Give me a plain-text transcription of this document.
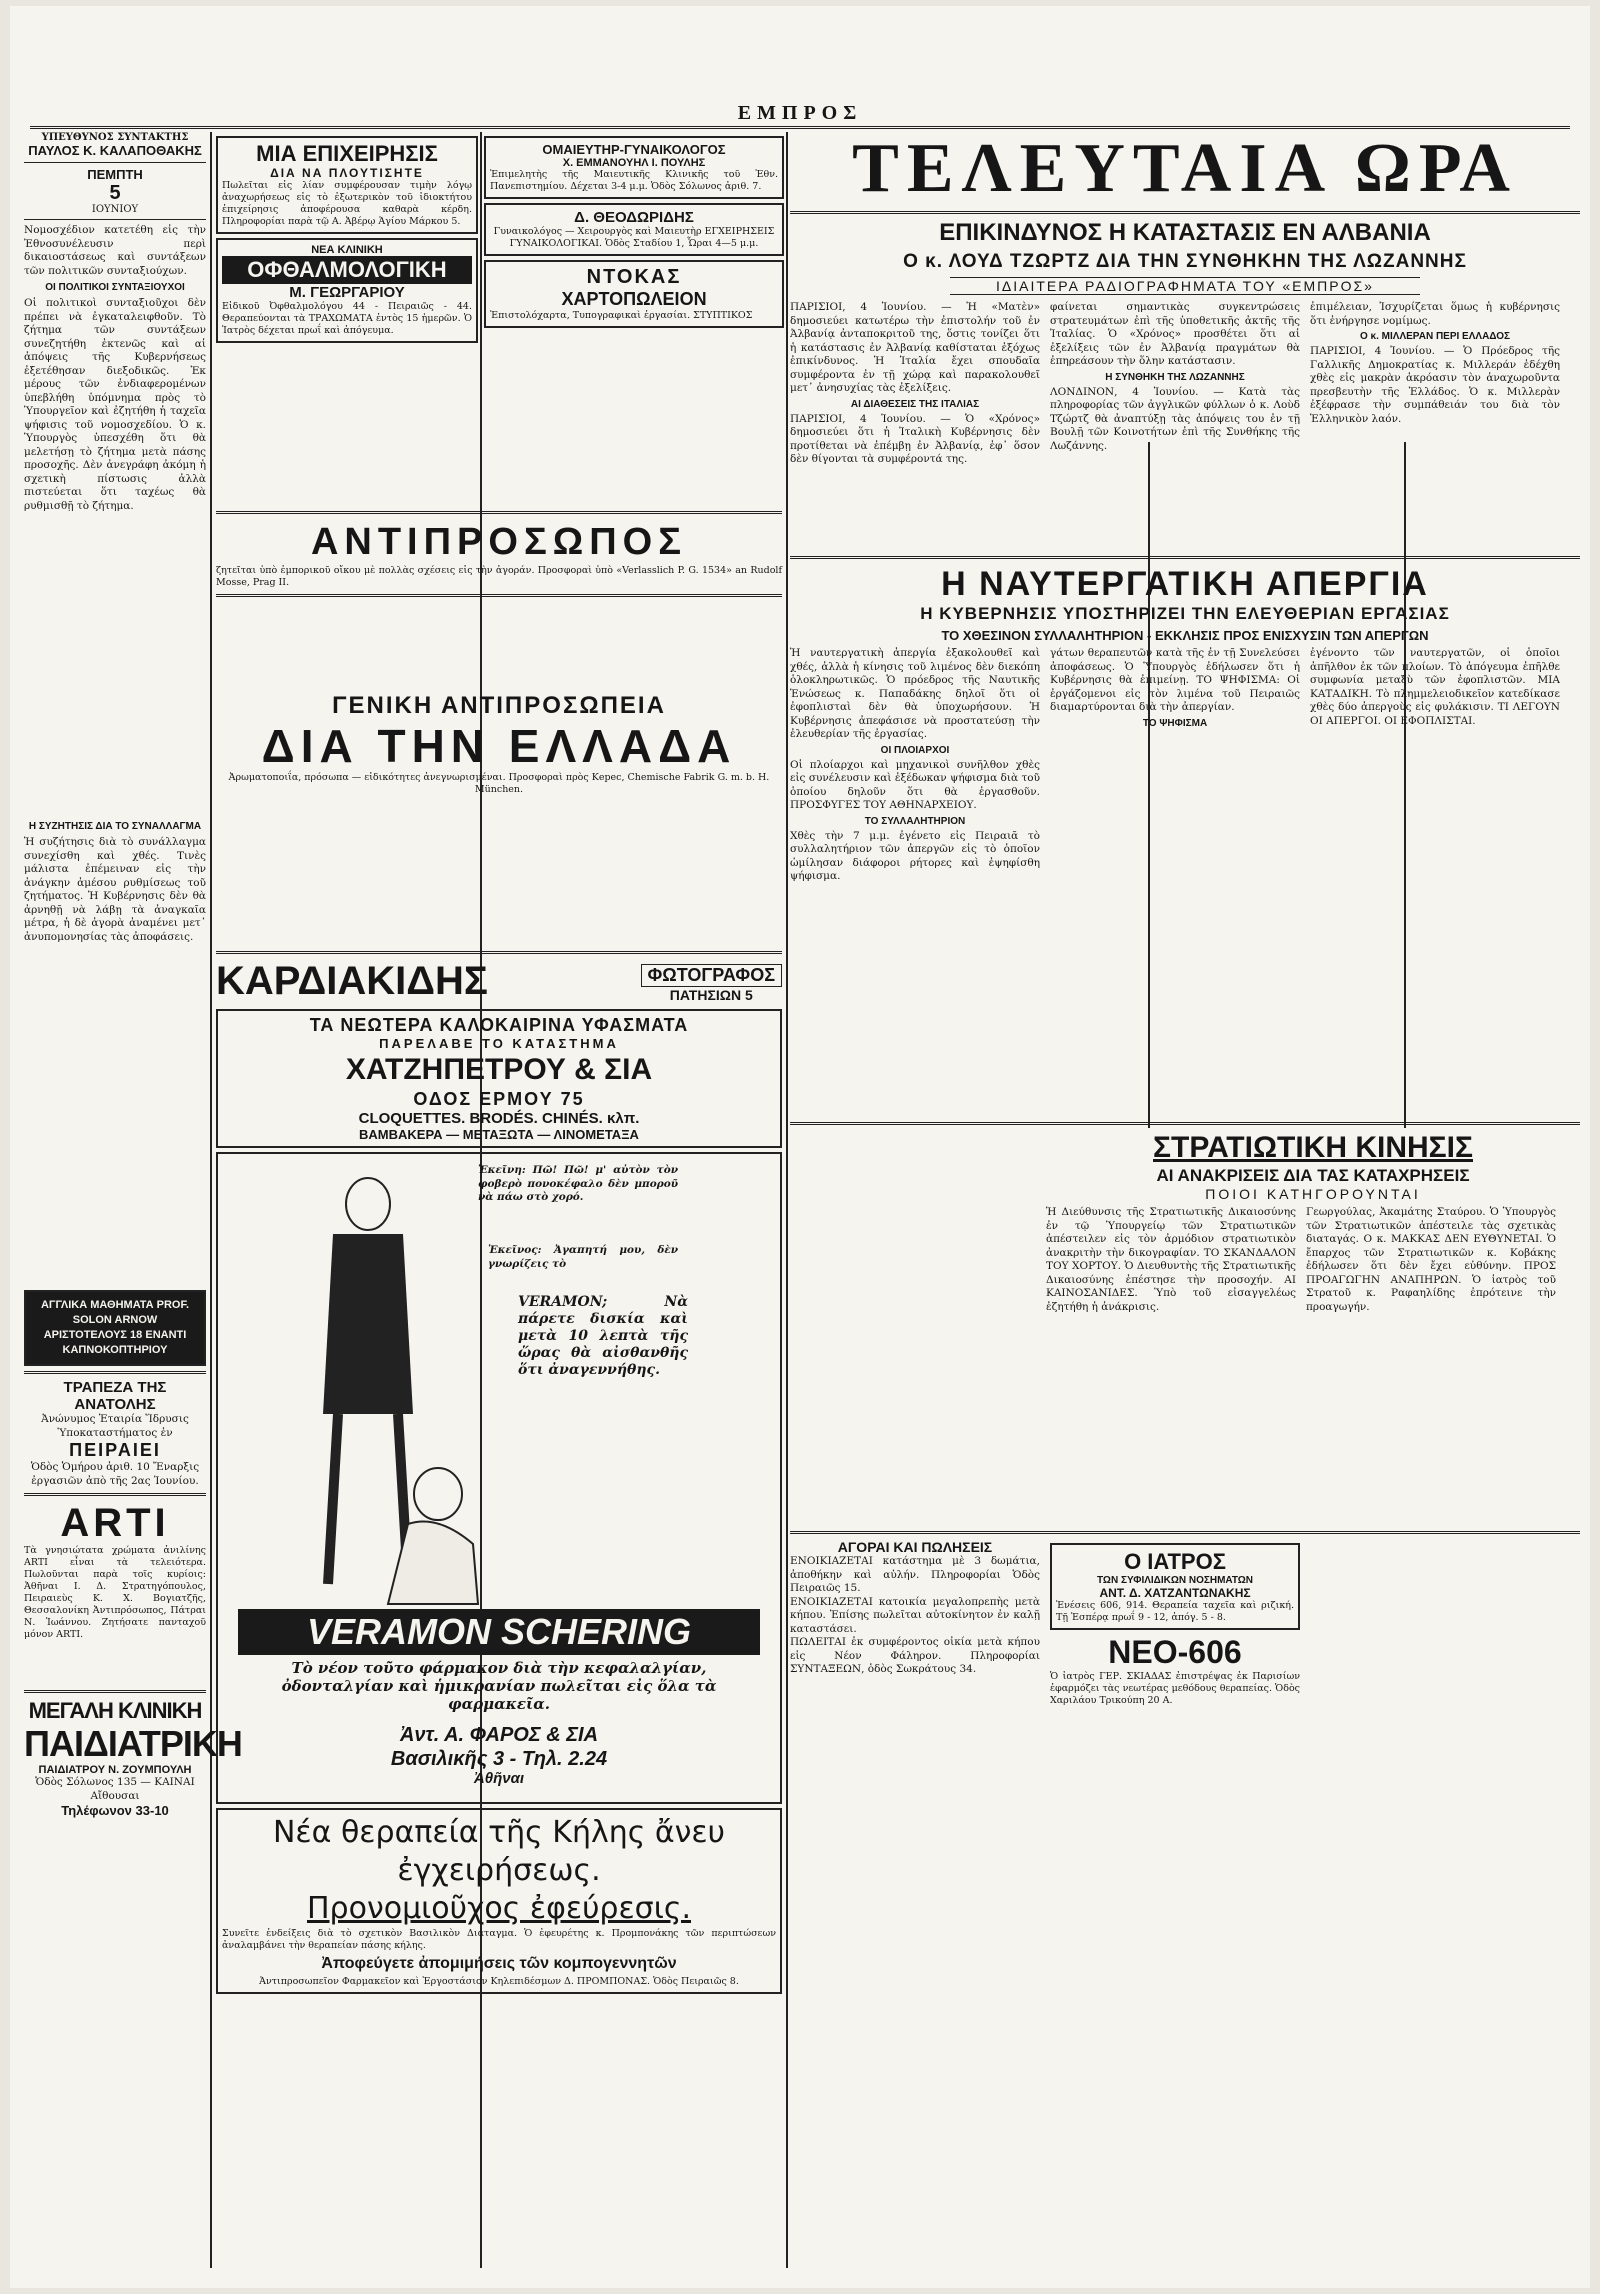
ΕΜΠΡΟΣ
ΥΠΕΥΘΥΝΟΣ ΣΥΝΤΑΚΤΗΣ
ΠΑΥΛΟΣ Κ. ΚΑΛΑΠΟΘΑΚΗΣ
ΠΕΜΠΤΗ
5
ΙΟΥΝΙΟΥ
Νομοσχέδιον κατετέθη εἰς τὴν Ἐθνοσυνέλευσιν περὶ δικαιοστάσεως καὶ συντάξεων τῶν πολιτικῶν συνταξιούχων.
ΟΙ ΠΟΛΙΤΙΚΟΙ ΣΥΝΤΑΞΙΟΥΧΟΙ
Οἱ πολιτικοὶ συνταξιοῦχοι δὲν πρέπει νὰ ἐγκαταλειφθοῦν. Τὸ ζήτημα τῶν συντάξεων συνεζητήθη ἐκτενῶς καὶ αἱ ἀπόψεις τῆς Κυβερνήσεως ἐξετέθησαν διεξοδικῶς. Ἐκ μέρους τῶν ἐνδιαφερομένων ὑπεβλήθη ὑπόμνημα πρὸς τὸ Ὑπουργεῖον καὶ ἐζητήθη ἡ ταχεῖα ψήφισις τοῦ νομοσχεδίου. Ὁ κ. Ὑπουργὸς ὑπεσχέθη ὅτι θὰ μελετήσῃ τὸ ζήτημα μετὰ πάσης προσοχῆς. Δὲν ἀνεγράφη ἀκόμη ἡ σχετικὴ πίστωσις ἀλλὰ πιστεύεται ὅτι ταχέως θὰ ρυθμισθῇ τὸ ζήτημα.
Η ΣΥΖΗΤΗΣΙΣ ΔΙΑ ΤΟ ΣΥΝΑΛΛΑΓΜΑ
Ἡ συζήτησις διὰ τὸ συνάλλαγμα συνεχίσθη καὶ χθές. Τινὲς μάλιστα ἐπέμειναν εἰς τὴν ἀνάγκην ἀμέσου ρυθμίσεως τοῦ ζητήματος. Ἡ Κυβέρνησις δὲν θὰ ἀρνηθῇ νὰ λάβῃ τὰ ἀναγκαῖα μέτρα, ἡ δὲ ἀγορὰ ἀναμένει μετ᾽ ἀνυπομονησίας τὰς ἀποφάσεις.
ΑΓΓΛΙΚΑ ΜΑΘΗΜΑΤΑ PROF. SOLON ARNOW ΑΡΙΣΤΟΤΕΛΟΥΣ 18 ΕΝΑΝΤΙ ΚΑΠΝΟΚΟΠΤΗΡΙΟΥ
ΤΡΑΠΕΖΑ ΤΗΣ ΑΝΑΤΟΛΗΣ
Ἀνώνυμος Ἑταιρία Ἵδρυσις Ὑποκαταστήματος ἐν
ΠΕΙΡΑΙΕΙ
Ὁδὸς Ὁμήρου ἀριθ. 10 Ἔναρξις ἐργασιῶν ἀπὸ τῆς 2ας Ἰουνίου.
ARTI
Τὰ γνησιώτατα χρώματα ἀνιλίνης ARTI εἶναι τὰ τελειότερα. Πωλοῦνται παρὰ τοῖς κυρίοις: Ἀθῆναι Ι. Δ. Στρατηγόπουλος, Πειραιεὺς Κ. Χ. Βογιατζῆς, Θεσσαλονίκη Ἀντιπρόσωπος, Πάτραι Ν. Ἰωάννου. Ζητήσατε πανταχοῦ μόνον ARTI.
ΜΕΓΑΛΗ ΚΛΙΝΙΚΗ
ΠΑΙΔΙΑΤΡΙΚΗ
ΠΑΙΔΙΑΤΡΟΥ Ν. ΖΟΥΜΠΟΥΛΗ
Ὁδὸς Σόλωνος 135 — ΚΑΙΝΑΙ Αἴθουσαι
Τηλέφωνον 33-10
ΜΙΑ ΕΠΙΧΕΙΡΗΣΙΣ
ΔΙΑ ΝΑ ΠΛΟΥΤΙΣΗΤΕ
Πωλεῖται εἰς λίαν συμφέρουσαν τιμὴν λόγῳ ἀναχωρήσεως εἰς τὸ ἐξωτερικὸν τοῦ ἰδιοκτήτου ἐπιχείρησις ἀποφέρουσα καθαρὰ κέρδη. Πληροφορίαι παρὰ τῷ Α. Ἀβέρῳ Ἁγίου Μάρκου 5.
ΝΕΑ ΚΛΙΝΙΚΗ
ΟΦΘΑΛΜΟΛΟΓΙΚΗ
Μ. ΓΕΩΡΓΑΡΙΟΥ
Εἰδικοῦ Ὀφθαλμολόγου 44 - Πειραιῶς - 44. Θεραπεύονται τὰ ΤΡΑΧΩΜΑΤΑ ἐντὸς 15 ἡμερῶν. Ὁ Ἱατρὸς δέχεται πρωΐ καὶ ἀπόγευμα.
ΟΜΑΙΕΥΤΗΡ-ΓΥΝΑΙΚΟΛΟΓΟΣ
Χ. ΕΜΜΑΝΟΥΗΛ Ι. ΠΟΥΛΗΣ
Ἐπιμελητὴς τῆς Μαιευτικῆς Κλινικῆς τοῦ Ἐθν. Πανεπιστημίου. Δέχεται 3-4 μ.μ. Ὁδὸς Σόλωνος ἀριθ. 7.
Δ. ΘΕΟΔΩΡΙΔΗΣ
Γυναικολόγος — Χειρουργὸς καὶ Μαιευτὴρ ΕΓΧΕΙΡΗΣΕΙΣ ΓΥΝΑΙΚΟΛΟΓΙΚΑΙ. Ὁδὸς Σταδίου 1, Ὧραι 4—5 μ.μ.
ΝΤΟΚΑΣ
ΧΑΡΤΟΠΩΛΕΙΟΝ
Ἐπιστολόχαρτα, Τυπογραφικαὶ ἐργασίαι. ΣΤΥΠΤΙΚΟΣ
ΑΝΤΙΠΡΟΣΩΠΟΣ
ζητεῖται ὑπὸ ἐμπορικοῦ οἴκου μὲ πολλὰς σχέσεις εἰς τὴν ἀγοράν. Προσφοραὶ ὑπὸ «Verlasslich P. G. 1534» an Rudolf Mosse, Prag II.
ΓΕΝΙΚΗ ΑΝΤΙΠΡΟΣΩΠΕΙΑ
ΔΙΑ ΤΗΝ ΕΛΛΑΔΑ
Ἀρωματοποιΐα, πρόσωπα — εἰδικότητες ἀνεγνωρισμέναι. Προσφοραὶ πρὸς Κepec, Chemische Fabrik G. m. b. H. München.
ΚΑΡΔΙΑΚΙΔΗΣ	ΦΩΤΟΓΡΑΦΟΣ
ΠΑΤΗΣΙΩΝ 5
ΤΑ ΝΕΩΤΕΡΑ ΚΑΛΟΚΑΙΡΙΝΑ ΥΦΑΣΜΑΤΑ
ΠΑΡΕΛΑΒΕ ΤΟ ΚΑΤΑΣΤΗΜΑ
ΧΑΤΖΗΠΕΤΡΟΥ & ΣΙΑ
ΟΔΟΣ ΕΡΜΟΥ 75
CLOQUETTES. BRODÉS. CHINÉS. κλπ.
ΒΑΜΒΑΚΕΡΑ — ΜΕΤΑΞΩΤΑ — ΛΙΝΟΜΕΤΑΞΑ
Ἐκεῖνη: Πῶ! Πῶ! μ' αὐτὸν τὸν φοβερὸ πονοκέφαλο δὲν μποροῦ νὰ πάω στὸ χορό.
Ἐκεῖνος: Ἀγαπητή μου, δὲν γνωρίζεις τὸ
VERAMON; Νὰ πάρετε δισκία καὶ μετὰ 10 λεπτὰ τῆς ὥρας θὰ αἰσθανθῆς ὅτι ἀναγεννήθης.
VERAMON SCHERING
Τὸ νέον τοῦτο φάρμακον διὰ τὴν κεφαλαλγίαν, ὀδονταλγίαν καὶ ἡμικρανίαν πωλεῖται εἰς ὅλα τὰ φαρμακεῖα.
Ἀντ. Α. ΦΑΡΟΣ & ΣΙΑ
Βασιλικῆς 3 - Τηλ. 2.24
Ἀθῆναι
Νέα θεραπεία τῆς Κήλης ἄνευ ἐγχειρήσεως.
Προνομιοῦχος ἐφεύρεσις.
Συνεῖτε ἐνδείξεις διὰ τὸ σχετικὸν Βασιλικὸν Διάταγμα. Ὁ ἐφευρέτης κ. Προμπονάκης τῶν περιπτώσεων ἀναλαμβάνει τὴν θεραπείαν πάσης κήλης.
Ἀποφεύγετε ἀπομιμήσεις τῶν κομπογεννητῶν
Ἀντιπροσωπεῖον Φαρμακεῖον καὶ Ἐργοστάσιον Κηλεπιδέσμων Δ. ΠΡΟΜΠΟΝΑΣ. Ὁδὸς Πειραιῶς 8.
ΤΕΛΕΥΤΑΙΑ ΩΡΑ
ΕΠΙΚΙΝΔΥΝΟΣ Η ΚΑΤΑΣΤΑΣΙΣ ΕΝ ΑΛΒΑΝΙΑ
Ο κ. ΛΟΥΔ ΤΖΩΡΤΖ ΔΙΑ ΤΗΝ ΣΥΝΘΗΚΗΝ ΤΗΣ ΛΩΖΑΝΝΗΣ
ΙΔΙΑΙΤΕΡΑ ΡΑΔΙΟΓΡΑΦΗΜΑΤΑ ΤΟΥ «ΕΜΠΡΟΣ»
ΠΑΡΙΣΙΟΙ, 4 Ἰουνίου. — Ἡ «Ματὲν» δημοσιεύει κατωτέρω τὴν ἐπιστολήν τοῦ ἐν Ἀλβανίᾳ ἀνταποκριτοῦ της, ὅστις τονίζει ὅτι ἡ κατάστασις ἐν Ἀλβανίᾳ καθίσταται ἐξόχως ἐπικίνδυνος. Ἡ Ἰταλία ἔχει σπουδαῖα συμφέροντα ἐν τῇ χώρᾳ καὶ παρακολουθεῖ μετ᾽ ἀνησυχίας τὰς ἐξελίξεις.
ΑΙ ΔΙΑΘΕΣΕΙΣ ΤΗΣ ΙΤΑΛΙΑΣ
ΠΑΡΙΣΙΟΙ, 4 Ἰουνίου. — Ὁ «Χρόνος» δημοσιεύει ὅτι ἡ Ἰταλικὴ Κυβέρνησις δὲν προτίθεται νὰ ἐπέμβῃ ἐν Ἀλβανίᾳ, ἐφ᾽ ὅσον δὲν θίγονται τὰ συμφέροντά της.
φαίνεται σημαντικὰς συγκεντρώσεις στρατευμάτων ἐπὶ τῆς ὑποθετικῆς ἀκτῆς τῆς Ἰταλίας. Ὁ «Χρόνος» προσθέτει ὅτι αἱ ἐξελίξεις τῶν ἐν Ἀλβανίᾳ πραγμάτων θὰ ἐπηρεάσουν τὴν ὅλην κατάστασιν.
Η ΣΥΝΘΗΚΗ ΤΗΣ ΛΩΖΑΝΝΗΣ
ΛΟΝΔΙΝΟΝ, 4 Ἰουνίου. — Κατὰ τὰς πληροφορίας τῶν ἀγγλικῶν φύλλων ὁ κ. Λοὺδ Τζώρτζ θὰ ἀναπτύξῃ τὰς ἀπόψεις του ἐν τῇ Βουλῇ τῶν Κοινοτήτων ἐπὶ τῆς Συνθήκης τῆς Λωζάννης.
ἐπιμέλειαν, Ἰσχυρίζεται ὅμως ἡ κυβέρνησις ὅτι ἐνήργησε νομίμως.
Ο κ. ΜΙΛΛΕΡΑΝ ΠΕΡΙ ΕΛΛΑΔΟΣ
ΠΑΡΙΣΙΟΙ, 4 Ἰουνίου. — Ὁ Πρόεδρος τῆς Γαλλικῆς Δημοκρατίας κ. Μιλλεράν ἐδέχθη χθὲς εἰς μακρὰν ἀκρόασιν τὸν ἀναχωροῦντα πρεσβευτὴν τῆς Ἑλλάδος. Ὁ κ. Μιλλερὰν ἐξέφρασε τὴν συμπάθειάν του διὰ τὸν Ἑλληνικὸν λαόν.
Η ΝΑΥΤΕΡΓΑΤΙΚΗ ΑΠΕΡΓΙΑ
Η ΚΥΒΕΡΝΗΣΙΣ ΥΠΟΣΤΗΡΙΖΕΙ ΤΗΝ ΕΛΕΥΘΕΡΙΑΝ ΕΡΓΑΣΙΑΣ
ΤΟ ΧΘΕΣΙΝΟΝ ΣΥΛΛΑΛΗΤΗΡΙΟΝ - ΕΚΚΛΗΣΙΣ ΠΡΟΣ ΕΝΙΣΧΥΣΙΝ ΤΩΝ ΑΠΕΡΓΩΝ
Ἡ ναυτεργατικὴ ἀπεργία ἐξακολουθεῖ καὶ χθές, ἀλλὰ ἡ κίνησις τοῦ λιμένος δὲν διεκόπη ὁλοκληρωτικῶς. Ὁ πρόεδρος τῆς Ναυτικῆς Ἑνώσεως κ. Παπαδάκης δηλοῖ ὅτι οἱ ἐφοπλισταὶ δὲν θὰ ὑποχωρήσουν. Ἡ Κυβέρνησις ἀπεφάσισε νὰ προστατεύσῃ τὴν ἐλευθερίαν τῆς ἐργασίας.
ΟΙ ΠΛΟΙΑΡΧΟΙ
Οἱ πλοίαρχοι καὶ μηχανικοὶ συνῆλθον χθὲς εἰς συνέλευσιν καὶ ἐξέδωκαν ψήφισμα διὰ τοῦ ὁποίου δηλοῦν ὅτι θὰ ἐργασθοῦν. ΠΡΟΣΦΥΓΕΣ ΤΟΥ ΑΘΗΝΑΡΧΕΙΟΥ.
ΤΟ ΣΥΛΛΑΛΗΤΗΡΙΟΝ
Χθὲς τὴν 7 μ.μ. ἐγένετο εἰς Πειραιᾶ τὸ συλλαλητήριον τῶν ἀπεργῶν εἰς τὸ ὁποῖον ὡμίλησαν διάφοροι ρήτορες καὶ ἐψηφίσθη ψήφισμα.
γάτων θεραπευτῶν κατὰ τῆς ἐν τῇ Συνελεύσει ἀποφάσεως. Ὁ Ὑπουργὸς ἐδήλωσεν ὅτι ἡ Κυβέρνησις θὰ ἐπιμείνῃ. ΤΟ ΨΗΦΙΣΜΑ: Οἱ ἐργάζομενοι εἰς τὸν λιμένα τοῦ Πειραιῶς διαμαρτύρονται διὰ τὴν ἀπεργίαν.
ΤΟ ΨΗΦΙΣΜΑ
ἐγένοντο τῶν ναυτεργατῶν, οἱ ὁποῖοι ἀπῆλθον ἐκ τῶν πλοίων. Τὸ ἀπόγευμα ἐπῆλθε συμφωνία μεταξὺ τῶν ἐφοπλιστῶν. ΜΙΑ ΚΑΤΑΔΙΚΗ. Τὸ πλημμελειοδικεῖον κατεδίκασε χθὲς δύο ἀπεργοὺς εἰς φυλάκισιν. ΤΙ ΛΕΓΟΥΝ ΟΙ ΑΠΕΡΓΟΙ. ΟΙ ΕΦΟΠΛΙΣΤΑΙ.
ΣΤΡΑΤΙΩΤΙΚΗ ΚΙΝΗΣΙΣ
ΑΙ ΑΝΑΚΡΙΣΕΙΣ ΔΙΑ ΤΑΣ ΚΑΤΑΧΡΗΣΕΙΣ
ΠΟΙΟΙ ΚΑΤΗΓΟΡΟΥΝΤΑΙ
Ἡ Διεύθυνσις τῆς Στρατιωτικῆς Δικαιοσύνης ἐν τῷ Ὑπουργείῳ τῶν Στρατιωτικῶν ἀπέστειλεν εἰς τὸν ἀρμόδιον στρατιωτικὸν ἀνακριτὴν τὴν δικογραφίαν. ΤΟ ΣΚΑΝΔΑΛΟΝ ΤΟΥ ΧΟΡΤΟΥ. Ὁ Διευθυντὴς τῆς Στρατιωτικῆς Δικαιοσύνης ἐπέστησε τὴν προσοχήν. ΑΙ ΚΑΙΝΟΣΑΝΙΔΕΣ. Ὑπὸ τοῦ εἰσαγγελέως ἐζητήθη ἡ ἀνάκρισις.
Γεωργούλας, Ἀκαμάτης Σταύρου. Ὁ Ὑπουργὸς τῶν Στρατιωτικῶν ἀπέστειλε τὰς σχετικὰς διαταγάς. Ο κ. ΜΑΚΚΑΣ ΔΕΝ ΕΥΘΥΝΕΤΑΙ. Ὁ ἔπαρχος τῶν Στρατιωτικῶν κ. Κοβάκης ἐδήλωσεν ὅτι δὲν ἔχει εὐθύνην. ΠΡΟΣ ΠΡΟΑΓΩΓΗΝ ΑΝΑΠΗΡΩΝ. Ὁ ἱατρὸς τοῦ Στρατοῦ κ. Ραφαηλίδης ἐπρότεινε τὴν προαγωγήν.
ΑΓΟΡΑΙ ΚΑΙ ΠΩΛΗΣΕΙΣ
ΕΝΟΙΚΙΑΖΕΤΑΙ κατάστημα μὲ 3 δωμάτια, ἀποθήκην καὶ αὐλήν. Πληροφορίαι Ὁδὸς Πειραιῶς 15.
ΕΝΟΙΚΙΑΖΕΤΑΙ κατοικία μεγαλοπρεπὴς μετὰ κήπου. Ἐπίσης πωλεῖται αὐτοκίνητον ἐν καλῇ καταστάσει.
ΠΩΛΕΙΤΑΙ ἐκ συμφέροντος οἰκία μετὰ κήπου εἰς Νέον Φάληρον. Πληροφορίαι ΣΥΝΤΑΞΕΩΝ, ὁδὸς Σωκράτους 34.
Ο ΙΑΤΡΟΣ
ΤΩΝ ΣΥΦΙΛΙΔΙΚΩΝ ΝΟΣΗΜΑΤΩΝ
ΑΝΤ. Δ. ΧΑΤΖΑΝΤΩΝΑΚΗΣ
Ἐνέσεις 606, 914. Θεραπεία ταχεῖα καὶ ριζική. Τῇ Ἑσπέρᾳ πρωΐ 9 - 12, ἀπόγ. 5 - 8.
ΝΕΟ-606
Ὁ ἰατρὸς ΓΕΡ. ΣΚΙΑΔΑΣ ἐπιστρέψας ἐκ Παρισίων ἐφαρμόζει τὰς νεωτέρας μεθόδους θεραπείας. Ὁδὸς Χαριλάου Τρικούπη 20 Α.
